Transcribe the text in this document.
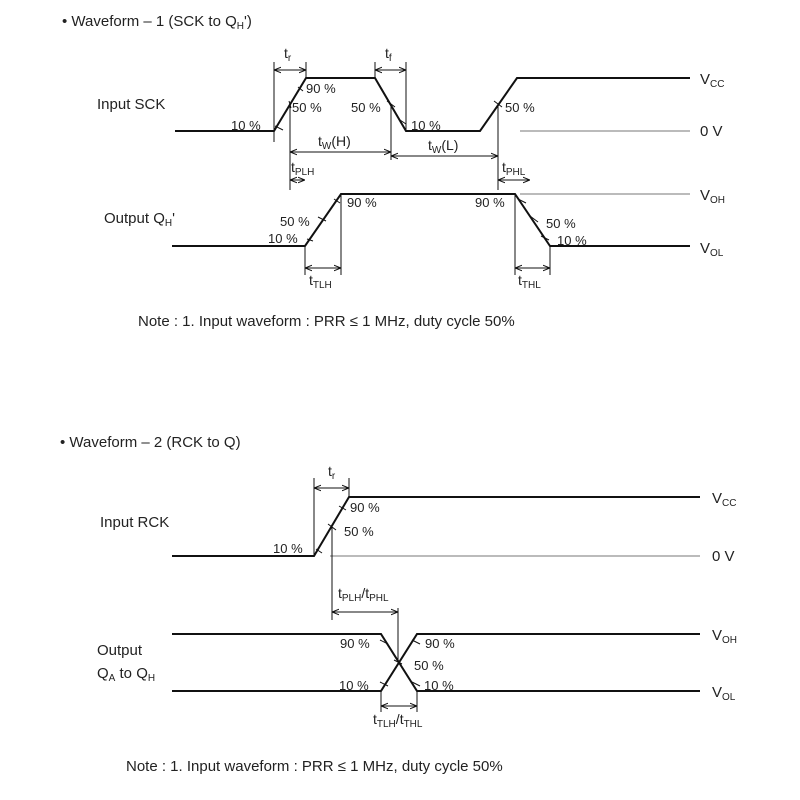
• Waveform – 1 (SCK to $Q_H'$)
Input SCK
Output $Q_H'$
$t_r$	$t_f$
$t_W(H)$	$t_W(L)$
$t_{PLH}$	$t_{PHL}$
$t_{TLH}$	$t_{THL}$
10 %
50 %
90 %
50 %
10 %
50 %
10 %
50 %
90 %	90 %
50 %
10 %
$V_{CC}$
0 V
$V_{OH}$
$V_{OL}$
Note : 1. Input waveform : PRR ≤ 1 MHz, duty cycle 50%
• Waveform – 2 (RCK to Q)
Input RCK
Output
$Q_A$ to $Q_H$
$t_r$
$t_{PLH}/t_{PHL}$
$t_{TLH}/t_{THL}$
10 %
50 %
90 %
90 %	90 %
50 %
10 %	10 %
$V_{CC}$
0 V
$V_{OH}$
$V_{OL}$
Note : 1. Input waveform : PRR ≤ 1 MHz, duty cycle 50%
